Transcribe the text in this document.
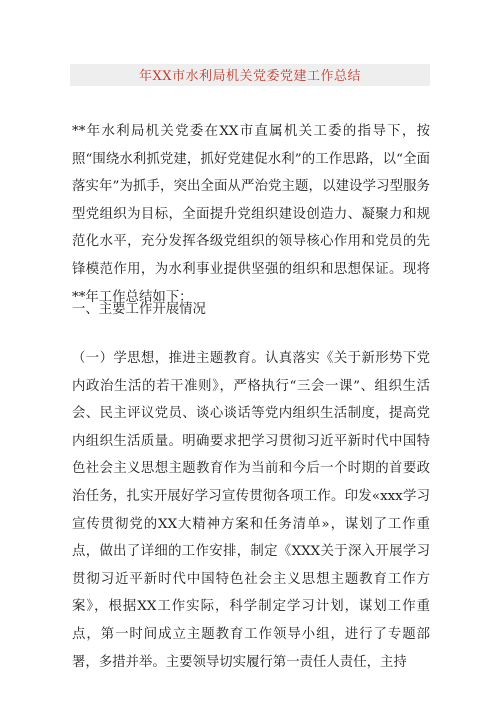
年XX市水利局机关党委党建工作总结

**年水利局机关党委在XX市直属机关工委的指导下，按照“围绕水利抓党建，抓好党建促水利”的工作思路，以“全面落实年”为抓手，突出全面从严治党主题，以建设学习型服务型党组织为目标，全面提升党组织建设创造力、凝聚力和规范化水平，充分发挥各级党组织的领导核心作用和党员的先锋模范作用，为水利事业提供坚强的组织和思想保证。现将**年工作总结如下：

一、主要工作开展情况

（一）学思想，推进主题教育。认真落实《关于新形势下党内政治生活的若干准则》，严格执行“三会一课”、组织生活会、民主评议党员、谈心谈话等党内组织生活制度，提高党内组织生活质量。明确要求把学习贯彻习近平新时代中国特色社会主义思想主题教育作为当前和今后一个时期的首要政治任务，扎实开展好学习宣传贯彻各项工作。印发«xxx学习宣传贯彻党的XX大精神方案和任务清单»，谋划了工作重点，做出了详细的工作安排，制定《XXX关于深入开展学习贯彻习近平新时代中国特色社会主义思想主题教育工作方案》，根据XX工作实际，科学制定学习计划，谋划工作重点，第一时间成立主题教育工作领导小组，进行了专题部署，多措并举。主要领导切实履行第一责任人责任，主持
